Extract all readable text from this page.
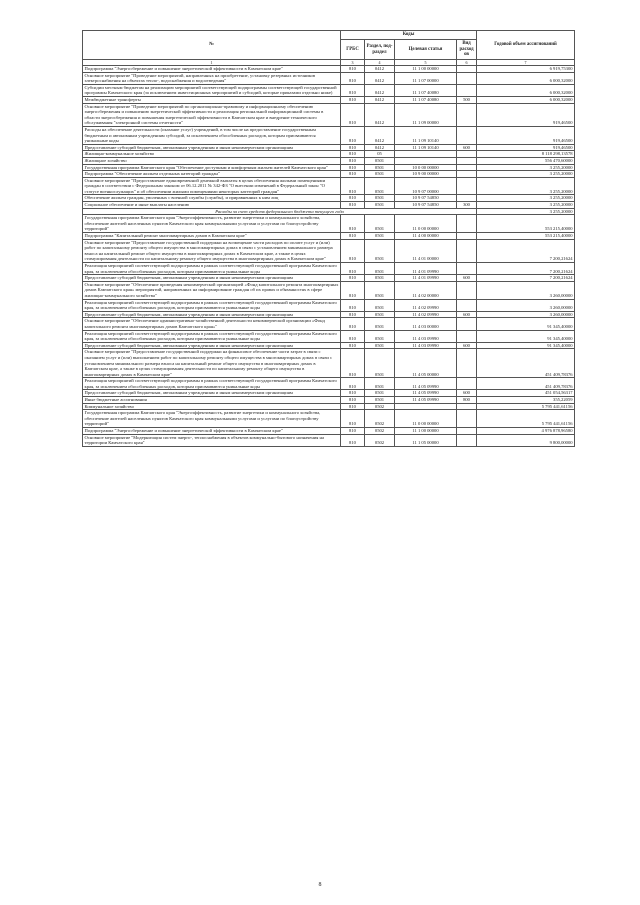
№	Коды				Годовой объем ассигнований
	ГРБС	Раздел, под-раздел	Целевая статья	Вид расходов	
1	3	4	5	6	7
Подпрограмма "Энергосбережение и повышение энергетической эффективности в Камчатском крае"	810	0412	11 1 00 00000		6 919,75300
Основное мероприятие "Проведение мероприятий, направленных на приобретение, установку резервных источников электроснабжения на объектах тепло-, водоснабжения и водоотведения"	810	0412	11 1 07 00000		6 000,32000
Субсидии местным бюджетам на реализацию мероприятий соответствующей подпрограммы соответствующей государственной программы Камчатского края (за исключением инвестиционных мероприятий и субсидий, которые приказами отдельно ниже)	810	0412	11 1 07 40080		6 000,32000
Межбюджетные трансферты	810	0412	11 1 07 40080	500	6 000,32000
Основное мероприятие "Проведение мероприятий по организационно-правовому и информационному обеспечению энергосбережения и повышению энергетической эффективности и реализация региональной информационной системы в области энергосбережения и повышения энергетической эффективности в Камчатском крае и внедрение технического обслуживания "электронной системы отчетности"	810	0412	11 1 09 00000		919,46500
Расходы на обеспечение деятельности (оказание услуг) учреждений, в том числе на предоставление государственным бюджетным и автономным учреждениям субсидий, за исключением обособленных расходов, которым присваиваются уникальные коды	810	0412	11 1 09 10140		919,46500
Предоставление субсидий бюджетным, автономным учреждениям и иным некоммерческим организациям	810	0412	11 1 09 10140	600	919,46500
Жилищно-коммунальное хозяйство	810	05			8 118 298,13578
Жилищное хозяйство	810	0501			556 470,60000
Государственная программа Камчатского края "Обеспечение доступным и комфортным жильем жителей Камчатского края"	810	0501	10 0 00 00000		3 255,20000
Подпрограмма "Обеспечение жильем отдельных категорий граждан"	810	0501	10 9 00 00000		3 255,20000
Основное мероприятие "Предоставление единовременной денежной выплаты в целях обеспечения жилыми помещениями граждан в соответствии с Федеральным законом от 06.12.2011 № 342-ФЗ "О внесении изменений в Федеральный закон "О статусе военнослужащих" и об обеспечении жилыми помещениями некоторых категорий граждан"	810	0501	10 9 07 00000		3 255,20000
Обеспечение жильем граждан, уволенных с военной службы (службы), и приравненных к ним лиц	810	0501	10 9 07 54850		3 255,20000
Социальное обеспечение и иные выплаты населению	810	0501	10 9 07 54850	300	3 255,20000
Расходы за счет средств федерального бюджета текущего года					3 255,20000
Государственная программа Камчатского края "Энергоэффективность, развитие энергетики и коммунального хозяйства, обеспечение жителей населенных пунктов Камчатского края коммунальными услугами и услугами по благоустройству территорий"	810	0501	11 0 00 00000		553 215,40000
Подпрограмма "Капитальный ремонт многоквартирных домов в Камчатском крае"	810	0501	11 4 00 00000		553 215,40000
Основное мероприятие "Предоставление государственной поддержки на возмещение части расходов по оплате услуг и (или) работ по капитальному ремонту общего имущества в многоквартирных домах в связи с установлением минимального размера взноса на капитальный ремонт общего имущества в многоквартирных домах в Камчатском крае, а также в целях стимулирования деятельности по капитальному ремонту общего имущества в многоквартирных домах в Камчатском крае"	810	0501	11 4 01 00000		7 200,21624
Реализация мероприятий соответствующей подпрограммы в рамках соответствующей государственной программы Камчатского края, за исключением обособленных расходов, которым присваиваются уникальные коды	810	0501	11 4 01 09990		7 200,21624
Предоставление субсидий бюджетным, автономным учреждениям и иным некоммерческим организациям	810	0501	11 4 01 09990	600	7 200,21624
Основное мероприятие "Обеспечение проведения некоммерческой организацией «Фонд капитального ремонта многоквартирных домов Камчатского края» мероприятий, направленных на информирование граждан об их правах и обязанностях в сфере жилищно-коммунального хозяйства"	810	0501	11 4 02 00000		3 260,00000
Реализация мероприятий соответствующей подпрограммы в рамках соответствующей государственной программы Камчатского края, за исключением обособленных расходов, которым присваиваются уникальные коды	810	0501	11 4 02 09990		3 260,00000
Предоставление субсидий бюджетным, автономным учреждениям и иным некоммерческим организациям	810	0501	11 4 02 09990	600	3 260,00000
Основное мероприятие "Обеспечение административно-хозяйственной деятельности некоммерческой организации «Фонд капитального ремонта многоквартирных домов Камчатского края»"	810	0501	11 4 03 00000		91 345,40000
Реализация мероприятий соответствующей подпрограммы в рамках соответствующей государственной программы Камчатского края, за исключением обособленных расходов, которым присваиваются уникальные коды	810	0501	11 4 03 09990		91 345,40000
Предоставление субсидий бюджетным, автономным учреждениям и иным некоммерческим организациям	810	0501	11 4 03 09990	600	91 345,40000
Основное мероприятие "Предоставление государственной поддержки на финансовое обеспечение части затрат в связи с оказанием услуг и (или) выполнением работ по капитальному ремонту общего имущества в многоквартирных домах в связи с установлением минимального размера взноса на капитальный ремонт общего имущества в многоквартирных домах в Камчатском крае, а также в целях стимулирования деятельности по капитальному ремонту общего имущества в многоквартирных домах в Камчатском крае"	810	0501	11 4 05 00000		451 409,78376
Реализация мероприятий соответствующей подпрограммы в рамках соответствующей государственной программы Камчатского края, за исключением обособленных расходов, которым присваиваются уникальные коды	810	0501	11 4 05 09990		451 409,78376
Предоставление субсидий бюджетным, автономным учреждениям и иным некоммерческим организациям	810	0501	11 4 05 09990	600	451 054,56317
Иные бюджетные ассигнования	810	0501	11 4 05 09990	800	355,22059
Коммунальное хозяйство	810	0502			5 795 441,61156
Государственная программа Камчатского края "Энергоэффективность, развитие энергетики и коммунального хозяйства, обеспечение жителей населенных пунктов Камчатского края коммунальными услугами и услугами по благоустройству территорий"	810	0502	11 0 00 00000		5 795 441,61156
Подпрограмма "Энергосбережение и повышение энергетической эффективности в Камчатском крае"	810	0502	11 1 00 00000		4 976 878,96580
Основное мероприятие "Модернизация систем энерго-, теплоснабжения в объектов коммунально-бытового назначения на территории Камчатского края"	810	0502	11 1 05 00000		9 800,00000
8
